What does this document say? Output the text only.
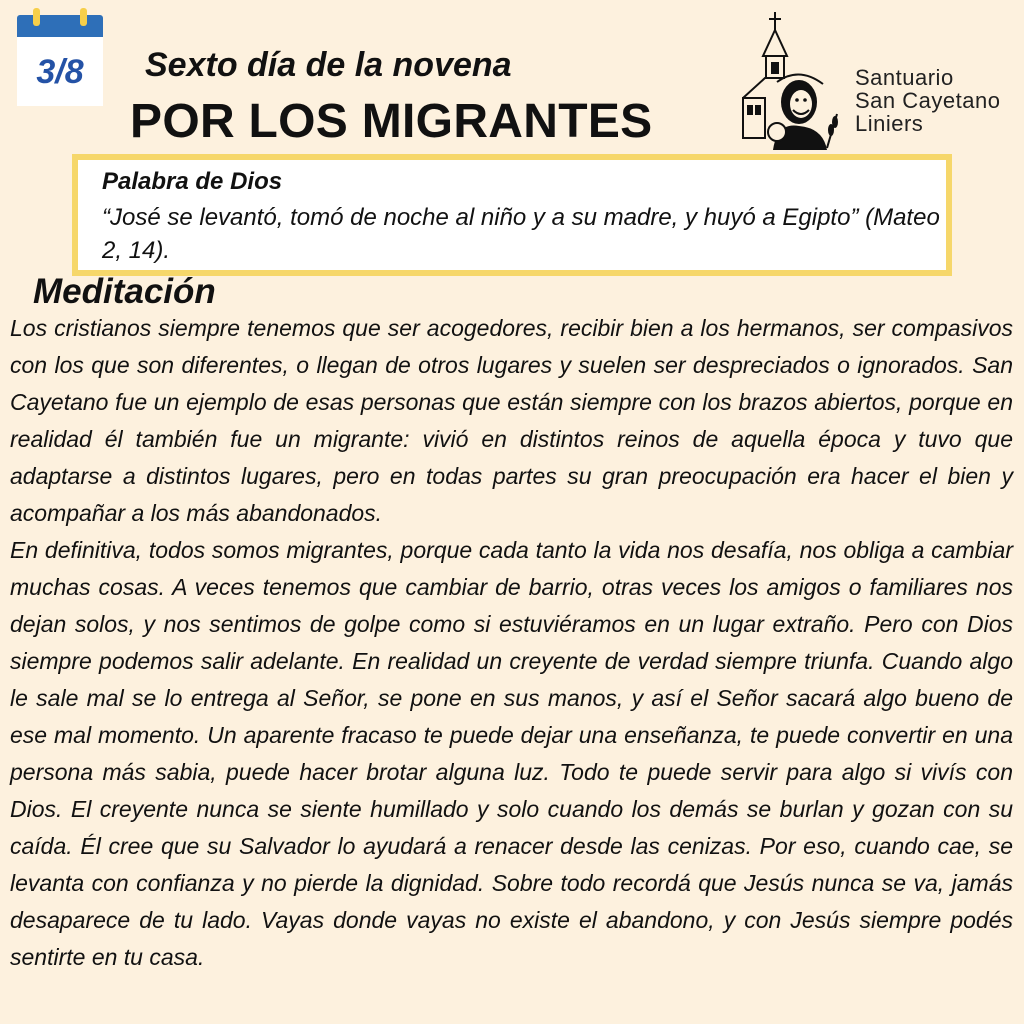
3/8	Sexto día de la novena
POR LOS MIGRANTES
Santuario
San Cayetano
Liniers
Palabra de Dios
“José se levantó, tomó de noche al niño y a su madre, y huyó a Egipto” (Mateo 2, 14).
Meditación

Los cristianos siempre tenemos que ser acogedores, recibir bien a los hermanos, ser compasivos con los que son diferentes, o llegan de otros lugares y suelen ser despreciados o ignorados. San Cayetano fue un ejemplo de esas personas que están siempre con los brazos abiertos, porque en realidad él también fue un migrante: vivió en distintos reinos de aquella época y tuvo que adaptarse a distintos lugares, pero en todas partes su gran preocupación era hacer el bien y acompañar a los más abandonados.

En definitiva, todos somos migrantes, porque cada tanto la vida nos desafía, nos obliga a cambiar muchas cosas. A veces tenemos que cambiar de barrio, otras veces los amigos o familiares nos dejan solos, y nos sentimos de golpe como si estuviéramos en un lugar extraño. Pero con Dios siempre podemos salir adelante. En realidad un creyente de verdad siempre triunfa. Cuando algo le sale mal se lo entrega al Señor, se pone en sus manos, y así el Señor sacará algo bueno de ese mal momento. Un aparente fracaso te puede dejar una enseñanza, te puede convertir en una persona más sabia, puede hacer brotar alguna luz. Todo te puede servir para algo si vivís con Dios. El creyente nunca se siente humillado y solo cuando los demás se burlan y gozan con su caída. Él cree que su Salvador lo ayudará a renacer desde las cenizas. Por eso, cuando cae, se levanta con confianza y no pierde la dignidad. Sobre todo recordá que Jesús nunca se va, jamás desaparece de tu lado. Vayas donde vayas no existe el abandono, y con Jesús siempre podés sentirte en tu casa.
